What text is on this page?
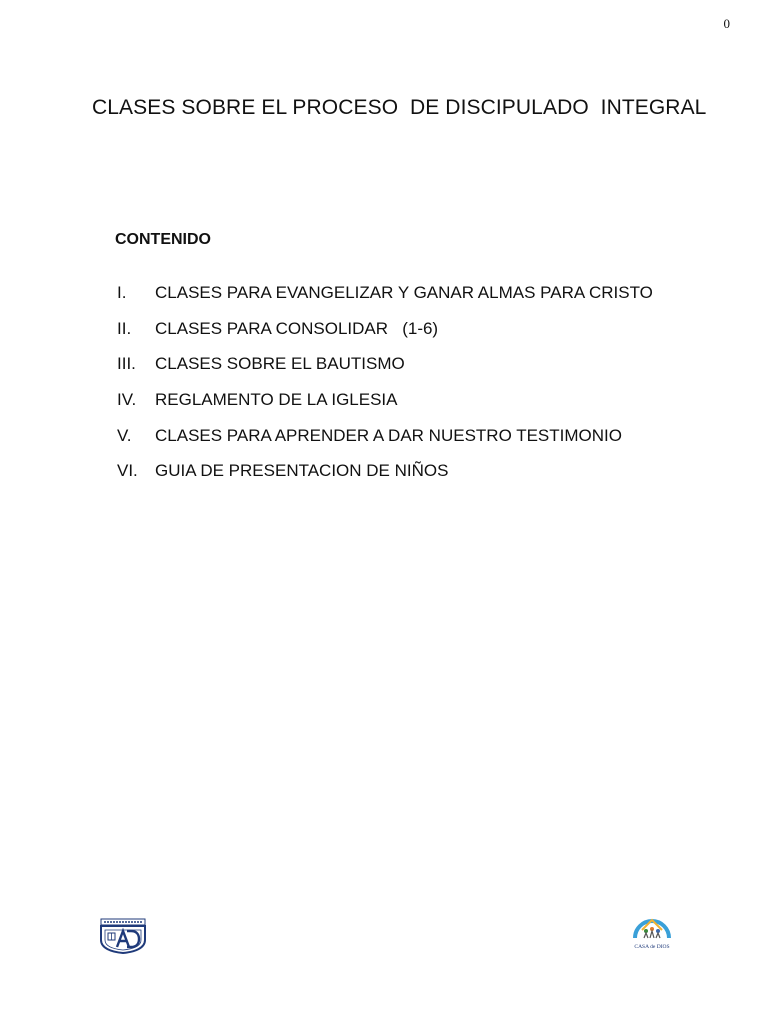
0
CLASES SOBRE EL PROCESO  DE DISCIPULADO  INTEGRAL
CONTENIDO
I.	CLASES PARA EVANGELIZAR Y GANAR ALMAS PARA CRISTO
II.	CLASES PARA CONSOLIDAR   (1-6)
III.	CLASES SOBRE EL BAUTISMO
IV.	REGLAMENTO DE LA IGLESIA
V.	CLASES PARA APRENDER A DAR NUESTRO TESTIMONIO
VI.	GUIA DE PRESENTACION DE NIÑOS
CASA de DIOS
